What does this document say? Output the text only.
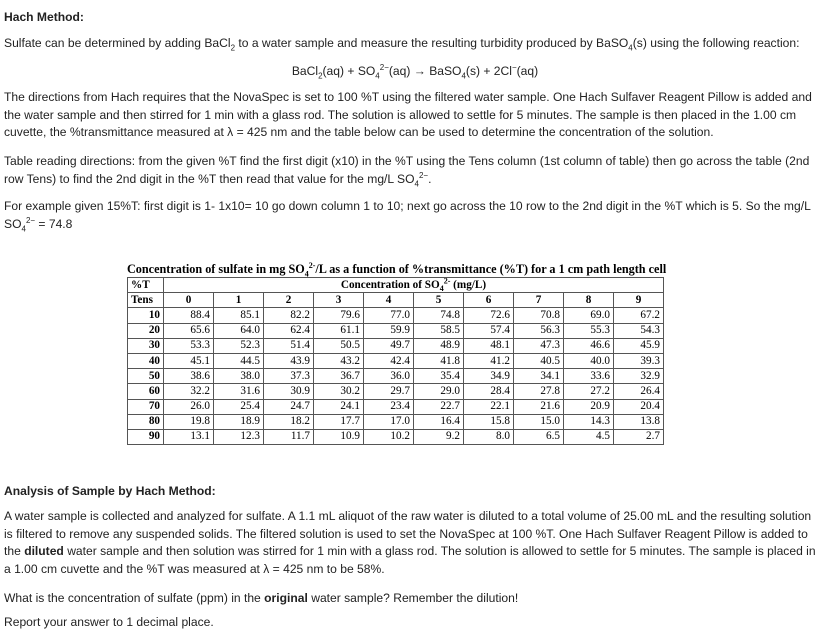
Hach Method:

Sulfate can be determined by adding BaCl$_2$ to a water sample and measure the resulting turbidity produced by BaSO$_4$(s) using the following reaction:

BaCl$_2$(aq) + $SO_4^{2-}(aq)$ → BaSO$_4$(s) + 2Cl−(aq)

The directions from Hach requires that the NovaSpec is set to 100 %T using the filtered water sample. One Hach Sulfaver Reagent Pillow is added and the water sample and then stirred for 1 min with a glass rod. The solution is allowed to settle for 5 minutes. The sample is then placed in the 1.00 cm cuvette, the %transmittance measured at λ = 425 nm and the table below can be used to determine the concentration of the solution.

Table reading directions: from the given %T find the first digit (x10) in the %T using the Tens column (1st column of table) then go across the table (2nd row Tens) to find the 2nd digit in the %T then read that value for the mg/L $SO_4^{2-}$.

For example given 15%T: first digit is 1- 1x10= 10 go down column 1 to 10; next go across the 10 row to the 2nd digit in the %T which is 5. So the mg/L $SO_4^{2-} = 74.8$

Concentration of sulfate in mg $SO_4^{2-}/L$ as a function of %transmittance (%T) for a 1 cm path length cell
%T	Concentration of $SO_4^{2-}$ (mg/L)									
Tens	0	1	2	3	4	5	6	7	8	9
10	88.4	85.1	82.2	79.6	77.0	74.8	72.6	70.8	69.0	67.2
20	65.6	64.0	62.4	61.1	59.9	58.5	57.4	56.3	55.3	54.3
30	53.3	52.3	51.4	50.5	49.7	48.9	48.1	47.3	46.6	45.9
40	45.1	44.5	43.9	43.2	42.4	41.8	41.2	40.5	40.0	39.3
50	38.6	38.0	37.3	36.7	36.0	35.4	34.9	34.1	33.6	32.9
60	32.2	31.6	30.9	30.2	29.7	29.0	28.4	27.8	27.2	26.4
70	26.0	25.4	24.7	24.1	23.4	22.7	22.1	21.6	20.9	20.4
80	19.8	18.9	18.2	17.7	17.0	16.4	15.8	15.0	14.3	13.8
90	13.1	12.3	11.7	10.9	10.2	9.2	8.0	6.5	4.5	2.7

Analysis of Sample by Hach Method:

A water sample is collected and analyzed for sulfate. A 1.1 mL aliquot of the raw water is diluted to a total volume of 25.00 mL and the resulting solution is filtered to remove any suspended solids. The filtered solution is used to set the NovaSpec at 100 %T. One Hach Sulfaver Reagent Pillow is added to the diluted water sample and then solution was stirred for 1 min with a glass rod. The solution is allowed to settle for 5 minutes. The sample is placed in a 1.00 cm cuvette and the %T was measured at λ = 425 nm to be 58%.

What is the concentration of sulfate (ppm) in the original water sample? Remember the dilution!

Report your answer to 1 decimal place.
